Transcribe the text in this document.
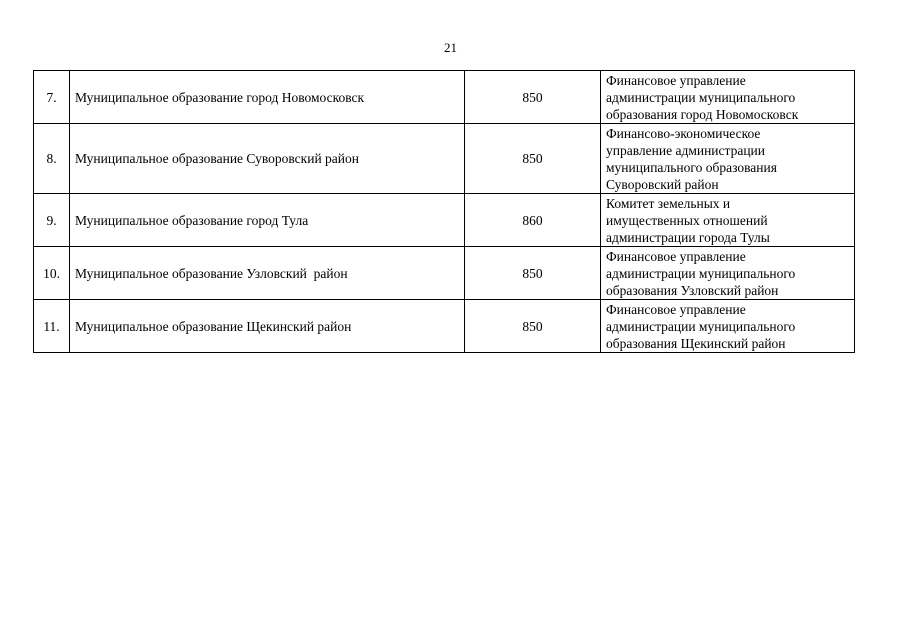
21
7.	Муниципальное образование город Новомосковск	850	Финансовое управление
администрации муниципального
образования город Новомосковск

8.	Муниципальное образование Суворовский район	850	Финансово-экономическое
управление администрации
муниципального образования
Суворовский район

9.	Муниципальное образование город Тула	860	Комитет земельных и
имущественных отношений
администрации города Тулы

10.	Муниципальное образование Узловский  район	850	Финансовое управление
администрации муниципального
образования Узловский район

11.	Муниципальное образование Щекинский район	850	Финансовое управление
администрации муниципального
образования Щекинский район
